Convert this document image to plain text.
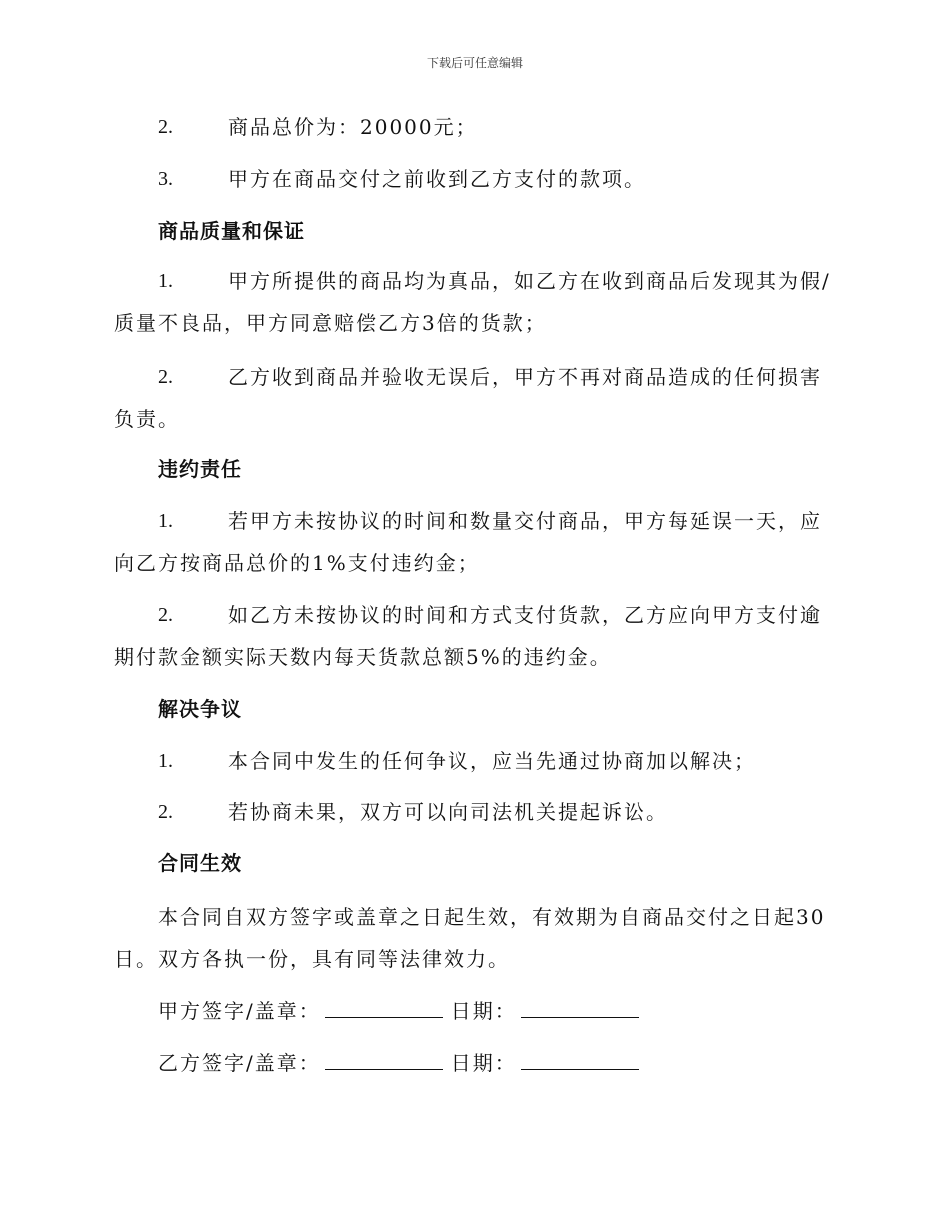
下载后可任意编辑
2.	商品总价为：20000元；
3.	甲方在商品交付之前收到乙方支付的款项。
商品质量和保证
1.	甲方所提供的商品均为真品，如乙方在收到商品后发现其为假/质量不良品，甲方同意赔偿乙方3倍的货款；
2.	乙方收到商品并验收无误后，甲方不再对商品造成的任何损害负责。
违约责任
1.	若甲方未按协议的时间和数量交付商品，甲方每延误一天，应向乙方按商品总价的1%支付违约金；
2.	如乙方未按协议的时间和方式支付货款，乙方应向甲方支付逾期付款金额实际天数内每天货款总额5%的违约金。
解决争议
1.	本合同中发生的任何争议，应当先通过协商加以解决；
2.	若协商未果，双方可以向司法机关提起诉讼。
合同生效
本合同自双方签字或盖章之日起生效，有效期为自商品交付之日起30日。双方各执一份，具有同等法律效力。
甲方签字/盖章：	日期：
乙方签字/盖章：	日期：
